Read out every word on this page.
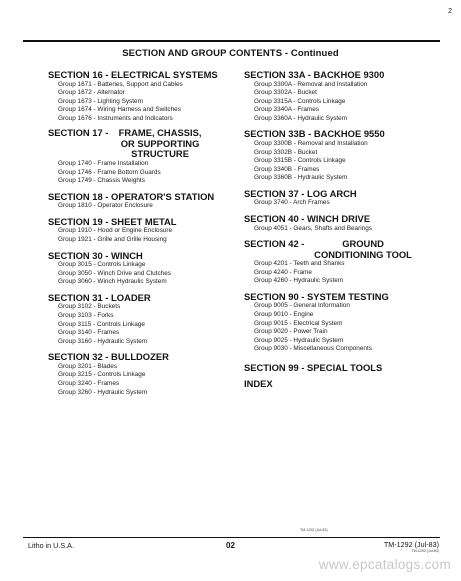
2
SECTION AND GROUP CONTENTS - Continued
SECTION 16 - ELECTRICAL SYSTEMS
Group 1671 - Batteries, Support and Cables
Group 1672 - Alternator
Group 1673 - Lighting System
Group 1674 - Wiring Harness and Switches
Group 1676 - Instruments and Indicators
SECTION 17 - FRAME, CHASSIS, OR SUPPORTING STRUCTURE
Group 1740 - Frame Installation
Group 1746 - Frame Bottom Guards
Group 1749 - Chassis Weights
SECTION 18 - OPERATOR'S STATION
Group 1810 - Operator Enclosure
SECTION 19 - SHEET METAL
Group 1910 - Hood or Engine Enclosure
Group 1921 - Grille and Grille Housing
SECTION 30 - WINCH
Group 3015 - Controls Linkage
Group 3050 - Winch Drive and Clutches
Group 3060 - Winch Hydraulic System
SECTION 31 - LOADER
Group 3102 - Buckets
Group 3103 - Forks
Group 3115 - Controls Linkage
Group 3140 - Frames
Group 3160 - Hydraulic System
SECTION 32 - BULLDOZER
Group 3201 - Blades
Group 3215 - Controls Linkage
Group 3240 - Frames
Group 3260 - Hydraulic System
SECTION 33A - BACKHOE 9300
Group 3300A - Removal and Installation
Group 3302A - Bucket
Group 3315A - Controls Linkage
Group 3340A - Frames
Group 3360A - Hydraulic System
SECTION 33B - BACKHOE 9550
Group 3300B - Removal and Installation
Group 3302B - Bucket
Group 3315B - Controls Linkage
Group 3340B - Frames
Group 3360B - Hydraulic System
SECTION 37 - LOG ARCH
Group 3740 - Arch Frames
SECTION 40 - WINCH DRIVE
Group 4051 - Gears, Shafts and Bearings
SECTION 42 -	GROUND CONDITIONING TOOL
Group 4201 - Teeth and Shanks
Group 4240 - Frame
Group 4260 - Hydraulic System
SECTION 90 - SYSTEM TESTING
Group 9005 - General Information
Group 9010 - Engine
Group 9015 - Electrical System
Group 9020 - Power Train
Group 9025 - Hydraulic System
Group 9030 - Miscellaneous Components
SECTION 99 - SPECIAL TOOLS
INDEX
TM-1292 (Jul-83)
Litho in U.S.A.	02	TM-1292 (Jul-83)
TM-1292 (Jul-83)
www.epcatalogs.com
